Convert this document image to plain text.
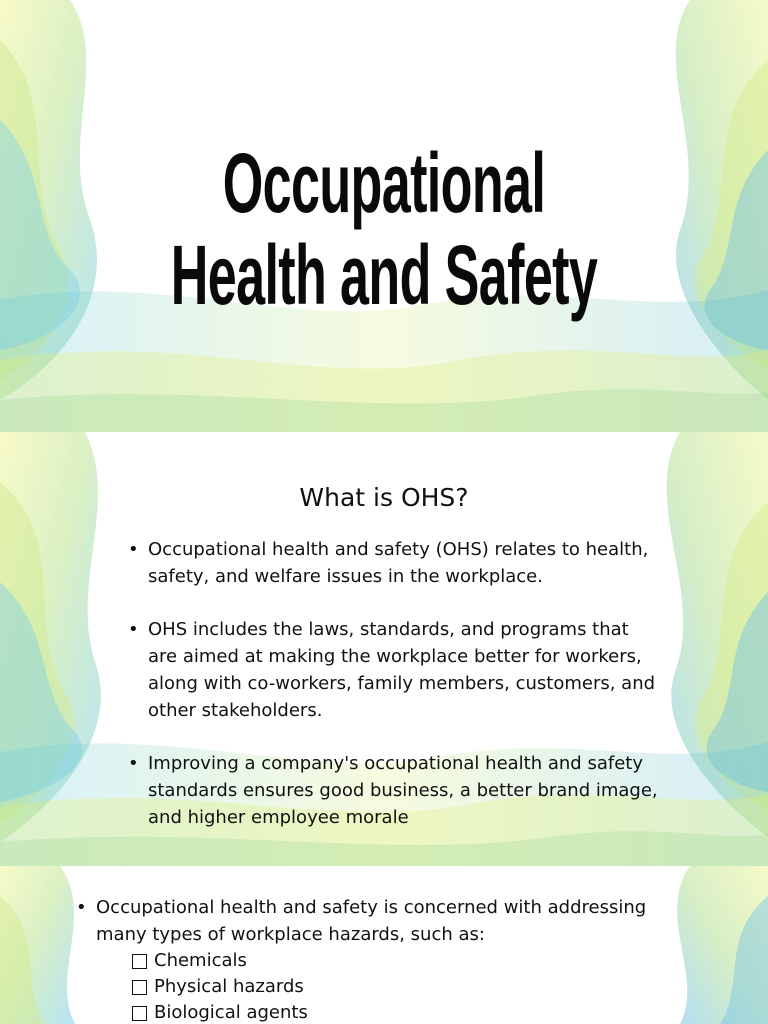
Occupational
Health and Safety
What is OHS?
• Occupational health and safety (OHS) relates to health, safety, and welfare issues in the workplace.
• OHS includes the laws, standards, and programs that are aimed at making the workplace better for workers, along with co-workers, family members, customers, and other stakeholders.
• Improving a company's occupational health and safety standards ensures good business, a better brand image, and higher employee morale
• Occupational health and safety is concerned with addressing many types of workplace hazards, such as:
Chemicals
Physical hazards
Biological agents
